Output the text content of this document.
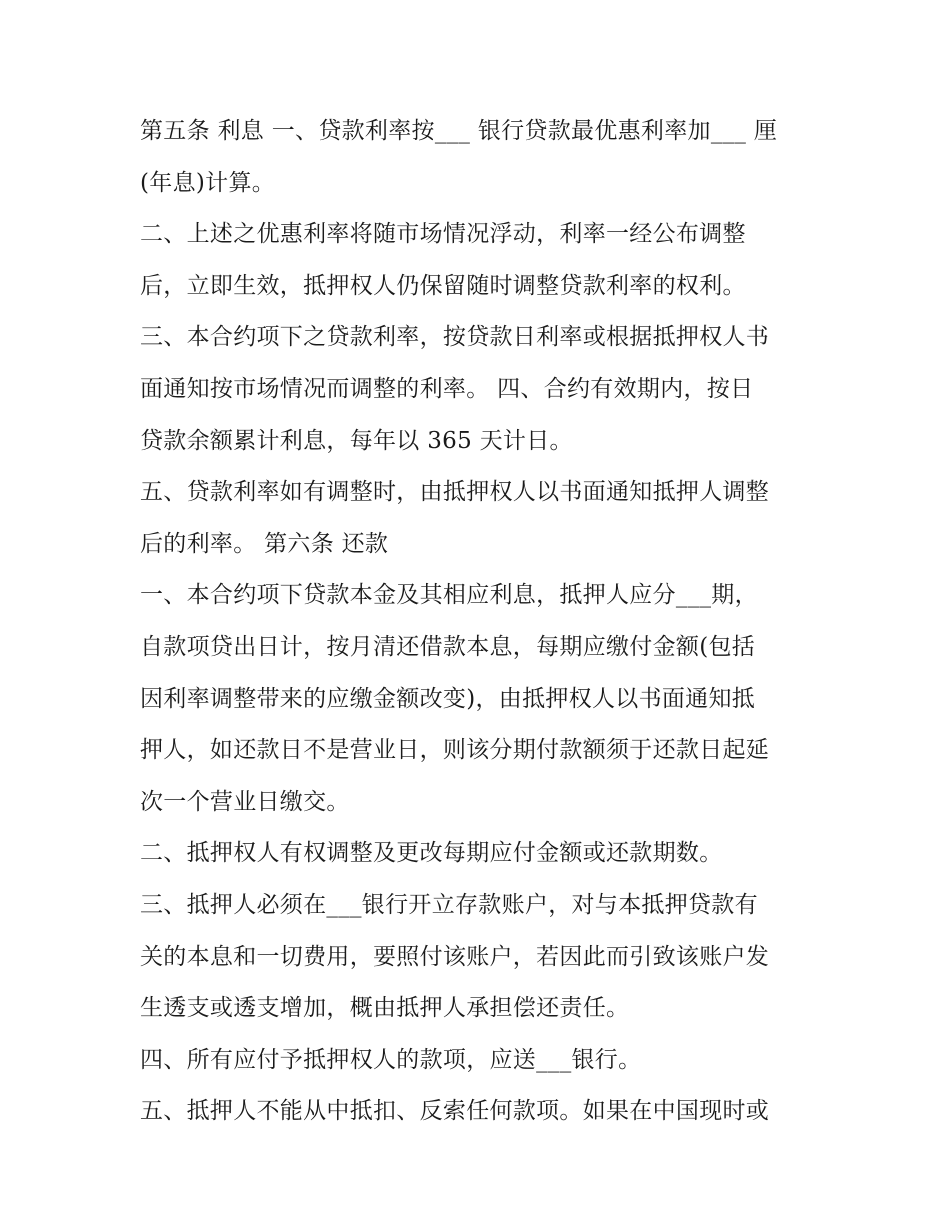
第五条 利息 一、贷款利率按___ 银行贷款最优惠利率加___ 厘
(年息)计算。
二、上述之优惠利率将随市场情况浮动，利率一经公布调整
后，立即生效，抵押权人仍保留随时调整贷款利率的权利。
三、本合约项下之贷款利率，按贷款日利率或根据抵押权人书
面通知按市场情况而调整的利率。 四、合约有效期内，按日
贷款余额累计利息，每年以 365 天计日。
五、贷款利率如有调整时，由抵押权人以书面通知抵押人调整
后的利率。 第六条 还款
一、本合约项下贷款本金及其相应利息，抵押人应分___期，
自款项贷出日计，按月清还借款本息，每期应缴付金额(包括
因利率调整带来的应缴金额改变)，由抵押权人以书面通知抵
押人，如还款日不是营业日，则该分期付款额须于还款日起延
次一个营业日缴交。
二、抵押权人有权调整及更改每期应付金额或还款期数。
三、抵押人必须在___银行开立存款账户，对与本抵押贷款有
关的本息和一切费用，要照付该账户，若因此而引致该账户发
生透支或透支增加，概由抵押人承担偿还责任。
四、所有应付予抵押权人的款项，应送___银行。
五、抵押人不能从中抵扣、反索任何款项。如果在中国现时或
